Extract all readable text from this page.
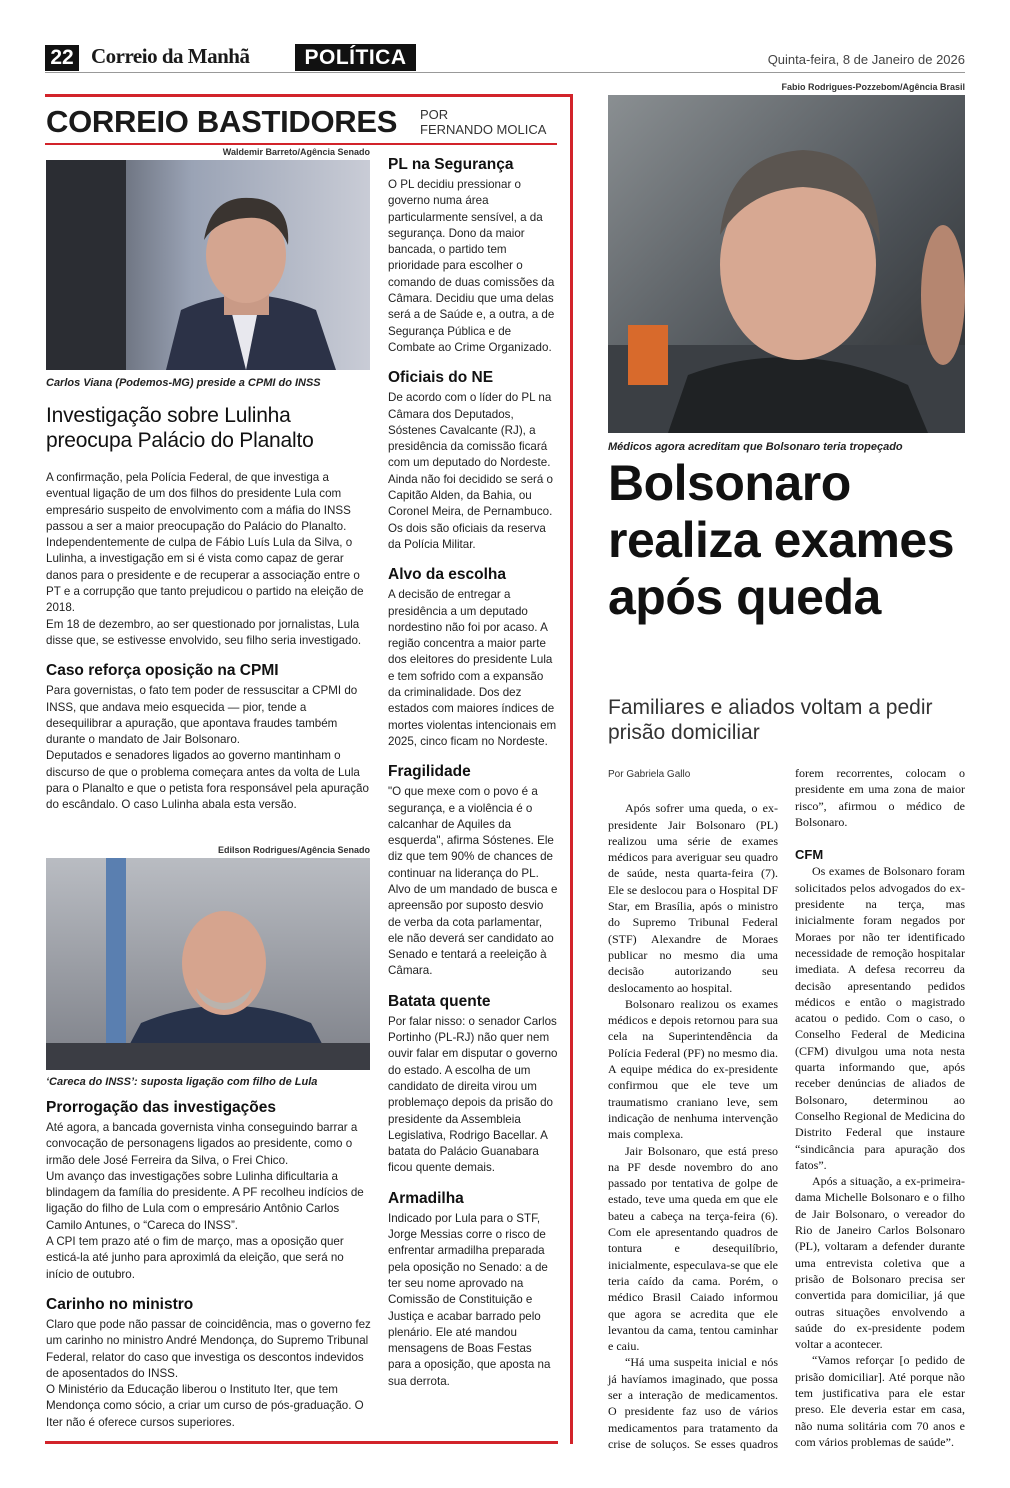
22 Correio da Manhã	POLÍTICA	Quinta-feira, 8 de Janeiro de 2026
CORREIO BASTIDORES POR
FERNANDO MOLICA
Waldemir Barreto/Agência Senado
Carlos Viana (Podemos-MG) preside a CPMI do INSS
Investigação sobre Lulinha preocupa Palácio do Planalto

A confirmação, pela Polícia Federal, de que investiga a eventual ligação de um dos filhos do presidente Lula com empresário suspeito de envolvimento com a máfia do INSS passou a ser a maior preocupação do Palácio do Planalto.

Independentemente de culpa de Fábio Luís Lula da Silva, o Lulinha, a investigação em si é vista como capaz de gerar danos para o presidente e de recuperar a associação entre o PT e a corrupção que tanto prejudicou o partido na eleição de 2018.

Em 18 de dezembro, ao ser questionado por jornalistas, Lula disse que, se estivesse envolvido, seu filho seria investigado.

Caso reforça oposição na CPMI

Para governistas, o fato tem poder de ressuscitar a CPMI do INSS, que andava meio esquecida — pior, tende a desequilibrar a apuração, que apontava fraudes também durante o mandato de Jair Bolsonaro.

Deputados e senadores ligados ao governo mantinham o discurso de que o problema começara antes da volta de Lula para o Planalto e que o petista fora responsável pela apuração do escândalo. O caso Lulinha abala esta versão.

Edilson Rodrigues/Agência Senado
‘Careca do INSS’: suposta ligação com filho de Lula
Prorrogação das investigações

Até agora, a bancada governista vinha conseguindo barrar a convocação de personagens ligados ao presidente, como o irmão dele José Ferreira da Silva, o Frei Chico.

Um avanço das investigações sobre Lulinha dificultaria a blindagem da família do presidente. A PF recolheu indícios de ligação do filho de Lula com o empresário Antônio Carlos Camilo Antunes, o “Careca do INSS”.

A CPI tem prazo até o fim de março, mas a oposição quer esticá-la até junho para aproximlá da eleição, que será no início de outubro.

Carinho no ministro

Claro que pode não passar de coincidência, mas o governo fez um carinho no ministro André Mendonça, do Supremo Tribunal Federal, relator do caso que investiga os descontos indevidos de aposentados do INSS.

O Ministério da Educação liberou o Instituto Iter, que tem Mendonça como sócio, a criar um curso de pós-graduação. O Iter não é oferece cursos superiores.

PL na Segurança

O PL decidiu pressionar o governo numa área particularmente sensível, a da segurança. Dono da maior bancada, o partido tem prioridade para escolher o comando de duas comissões da Câmara. Decidiu que uma delas será a de Saúde e, a outra, a de Segurança Pública e de Combate ao Crime Organizado.

Oficiais do NE

De acordo com o líder do PL na Câmara dos Deputados, Sóstenes Cavalcante (RJ), a presidência da comissão ficará com um deputado do Nordeste. Ainda não foi decidido se será o Capitão Alden, da Bahia, ou Coronel Meira, de Pernambuco. Os dois são oficiais da reserva da Polícia Militar.

Alvo da escolha

A decisão de entregar a presidência a um deputado nordestino não foi por acaso. A região concentra a maior parte dos eleitores do presidente Lula e tem sofrido com a expansão da criminalidade. Dos dez estados com maiores índices de mortes violentas intencionais em 2025, cinco ficam no Nordeste.

Fragilidade

"O que mexe com o povo é a segurança, e a violência é o calcanhar de Aquiles da esquerda", afirma Sóstenes. Ele diz que tem 90% de chances de continuar na liderança do PL. Alvo de um mandado de busca e apreensão por suposto desvio de verba da cota parlamentar, ele não deverá ser candidato ao Senado e tentará a reeleição à Câmara.

Batata quente

Por falar nisso: o senador Carlos Portinho (PL-RJ) não quer nem ouvir falar em disputar o governo do estado. A escolha de um candidato de direita virou um problemaço depois da prisão do presidente da Assembleia Legislativa, Rodrigo Bacellar. A batata do Palácio Guanabara ficou quente demais.

Armadilha

Indicado por Lula para o STF, Jorge Messias corre o risco de enfrentar armadilha preparada pela oposição no Senado: a de ter seu nome aprovado na Comissão de Constituição e Justiça e acabar barrado pelo plenário. Ele até mandou mensagens de Boas Festas para a oposição, que aposta na sua derrota.

Fabio Rodrigues-Pozzebom/Agência Brasil
Médicos agora acreditam que Bolsonaro teria tropeçado
Bolsonaro realiza exames após queda
Familiares e aliados voltam a pedir prisão domiciliar
Por Gabriela Gallo

Após sofrer uma queda, o ex-presidente Jair Bolsonaro (PL) realizou uma série de exames médicos para averiguar seu quadro de saúde, nesta quarta-feira (7). Ele se deslocou para o Hospital DF Star, em Brasília, após o ministro do Supremo Tribunal Federal (STF) Alexandre de Moraes publicar no mesmo dia uma decisão autorizando seu deslocamento ao hospital.

Bolsonaro realizou os exames médicos e depois retornou para sua cela na Superintendência da Polícia Federal (PF) no mesmo dia. A equipe médica do ex-presidente confirmou que ele teve um traumatismo craniano leve, sem indicação de nenhuma intervenção mais complexa.

Jair Bolsonaro, que está preso na PF desde novembro do ano passado por tentativa de golpe de estado, teve uma queda em que ele bateu a cabeça na terça-feira (6). Com ele apresentando quadros de tontura e desequilíbrio, inicialmente, especulava-se que ele teria caído da cama. Porém, o médico Brasil Caiado informou que agora se acredita que ele levantou da cama, tentou caminhar e caiu.

“Há uma suspeita inicial e nós já havíamos imaginado, que possa ser a interação de medicamentos. O presidente faz uso de vários medicamentos para tratamento da crise de soluços. Se esses quadros forem recorrentes, colocam o presidente em uma zona de maior risco”, afirmou o médico de Bolsonaro.

CFM

Os exames de Bolsonaro foram solicitados pelos advogados do ex-presidente na terça, mas inicialmente foram negados por Moraes por não ter identificado necessidade de remoção hospitalar imediata. A defesa recorreu da decisão apresentando pedidos médicos e então o magistrado acatou o pedido. Com o caso, o Conselho Federal de Medicina (CFM) divulgou uma nota nesta quarta informando que, após receber denúncias de aliados de Bolsonaro, determinou ao Conselho Regional de Medicina do Distrito Federal que instaure “sindicância para apuração dos fatos”.

Após a situação, a ex-primeira-dama Michelle Bolsonaro e o filho de Jair Bolsonaro, o vereador do Rio de Janeiro Carlos Bolsonaro (PL), voltaram a defender durante uma entrevista coletiva que a prisão de Bolsonaro precisa ser convertida para domiciliar, já que outras situações envolvendo a saúde do ex-presidente podem voltar a acontecer.

“Vamos reforçar [o pedido de prisão domiciliar]. Até porque não tem justificativa para ele estar preso. Ele deveria estar em casa, não numa solitária com 70 anos e com vários problemas de saúde”.
